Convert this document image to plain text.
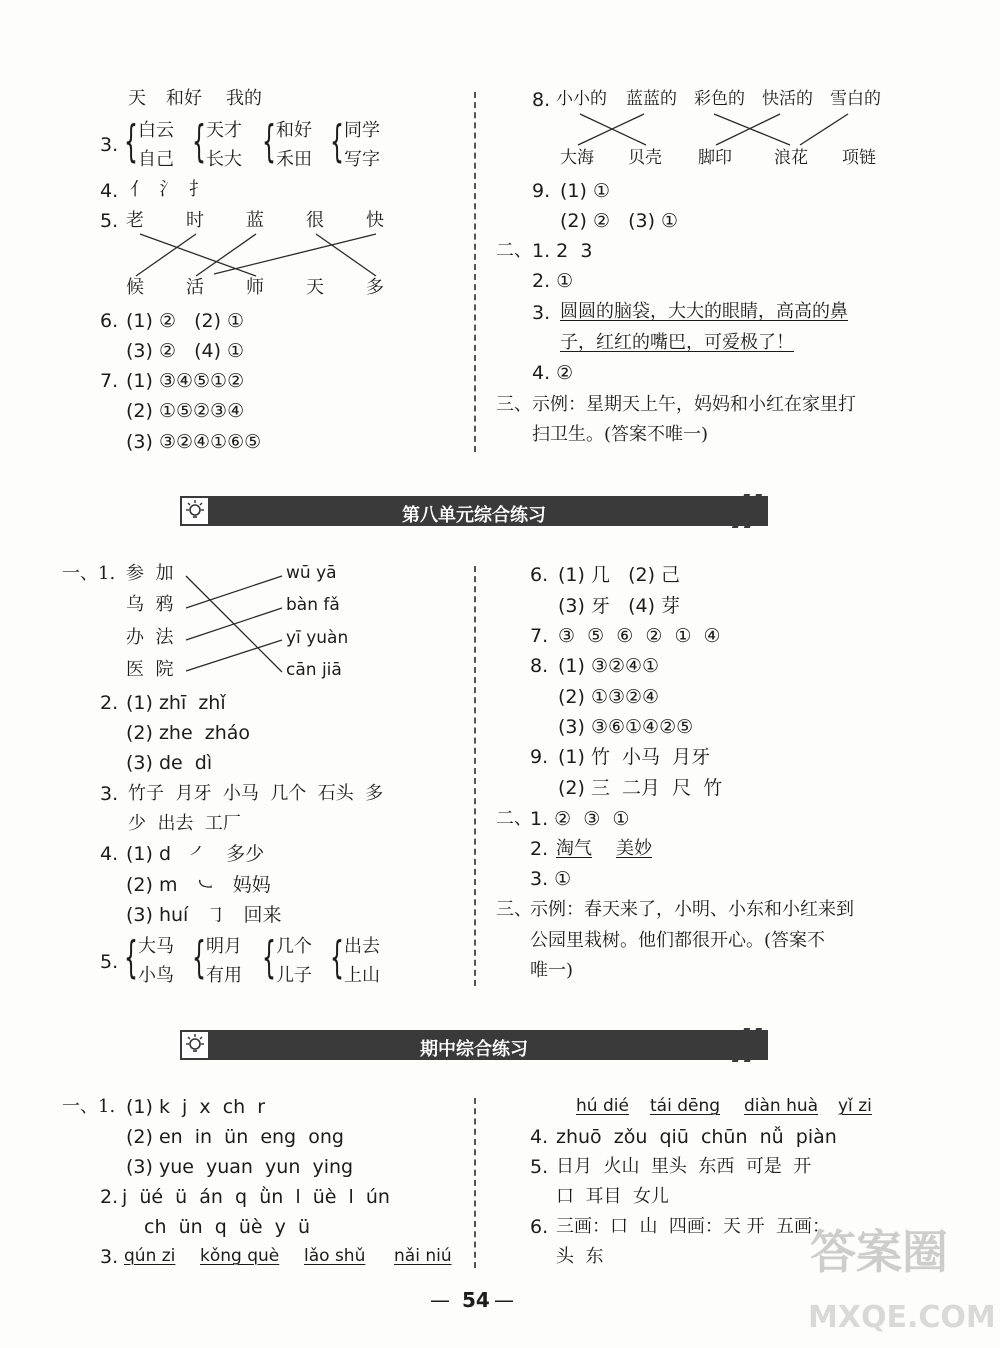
天 和好 我的
3. { 白云
自己 { 天才
长大 { 和好
禾田 { 同学
写字
4. 亻  氵  扌
5. 老 时 蓝 很 快
候 活 师 天 多
6. (1) ②   (2) ①
(3) ②   (4) ①
7. (1) ③④⑤①②
(2) ①⑤②③④
(3) ③②④①⑥⑤
8. 小小的 蓝蓝的 彩色的 快活的 雪白的
大海 贝壳 脚印 浪花 项链
9. (1) ①
(2) ②   (3) ①
二、 1. 2  3
2. ①
3. 圆圆的脑袋，大大的眼睛，高高的鼻
子，红红的嘴巴，可爱极了！
4. ②
三、 示例：星期天上午，妈妈和小红在家里打
扫卫生。(答案不唯一)
第八单元综合练习
一、1. 参  加
乌  鸦
办  法
医  院
wū yā
bàn fǎ
yī yuàn
cān jiā
2. (1) zhī  zhǐ
(2) zhe  zháo
(3) de  dì
3. 竹子  月牙  小马  几个  石头  多
少  出去  工厂
4. (1) d   ㇒   多少
(2) m   ㇃   妈妈
(3) huí   ㇆   回来
5. { 大马
小鸟 { 明月
有用 { 几个
儿子 { 出去
上山
6. (1) 几   (2) 己
(3) 牙   (4) 芽
7. ③  ⑤  ⑥  ②  ①  ④
8. (1) ③②④①
(2) ①③②④
(3) ③⑥①④②⑤
9. (1) 竹  小马  月牙
(2) 三  二月  尺  竹
二、
1. ②  ③  ①
2. 淘气 美妙
3. ①
三、
示例：春天来了，小明、小东和小红来到
公园里栽树。他们都很开心。(答案不
唯一)
期中综合练习
一、1. (1) k  j  x  ch  r
(2) en  in  ün  eng  ong
(3) yue  yuan  yun  ying
2. j  üé  ü  án  q  ǜn  l  üè  l  ún
ch  ün  q  üè  y  ü
3. qún zi kǒng què lǎo shǔ nǎi niú
hú dié tái dēng diàn huà yǐ zi
4. zhuō  zǒu  qiū  chūn  nǚ  piàn
5. 日月  火山  里头  东西  可是  开
口  耳目  女儿
6. 三画：口  山  四画：天 开  五画：
头  东
— 54 —
答案圈
MXQE.COM
